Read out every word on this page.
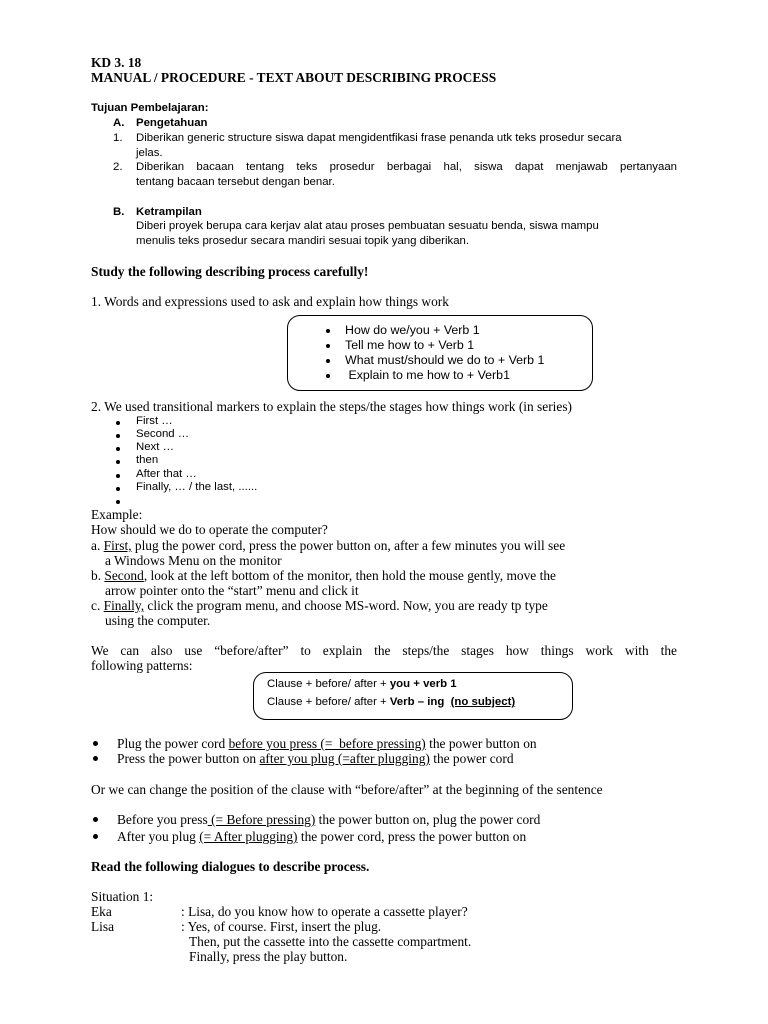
KD 3. 18
MANUAL / PROCEDURE - TEXT ABOUT DESCRIBING PROCESS
Tujuan Pembelajaran:
A. Pengetahuan
1. Diberikan generic structure siswa dapat mengidentfikasi frase penanda utk teks prosedur secara
jelas.
2. Diberikan bacaan tentang teks prosedur berbagai hal, siswa dapat menjawab pertanyaan
tentang bacaan tersebut dengan benar.
B. Ketrampilan
Diberi proyek berupa cara kerjav alat atau proses pembuatan sesuatu benda, siswa mampu
menulis teks prosedur secara mandiri sesuai topik yang diberikan.
Study the following describing process carefully!
1. Words and expressions used to ask and explain how things work
How do we/you + Verb 1
Tell me how to + Verb 1
What must/should we do to + Verb 1
Explain to me how to + Verb1
2. We used transitional markers to explain the steps/the stages how things work (in series)
First …
Second …
Next …
then
After that …
Finally, … / the last, ......
Example:
How should we do to operate the computer?
a. First, plug the power cord, press the power button on, after a few minutes you will see
a Windows Menu on the monitor
b. Second, look at the left bottom of the monitor, then hold the mouse gently, move the
arrow pointer onto the “start” menu and click it
c. Finally, click the program menu, and choose MS-word. Now, you are ready tp type
using the computer.
We can also use “before/after” to explain the steps/the stages how things work with the
following patterns:
Clause + before/ after + you + verb 1
Clause + before/ after + Verb – ing (no subject)
Plug the power cord before you press (=  before pressing) the power button on
Press the power button on after you plug (=after plugging) the power cord
Or we can change the position of the clause with “before/after” at the beginning of the sentence
Before you press (= Before pressing) the power button on, plug the power cord
After you plug (= After plugging) the power cord, press the power button on
Read the following dialogues to describe process.
Situation 1:
Eka	: Lisa, do you know how to operate a cassette player?
Lisa	: Yes, of course. First, insert the plug.
Then, put the cassette into the cassette compartment.
Finally, press the play button.
